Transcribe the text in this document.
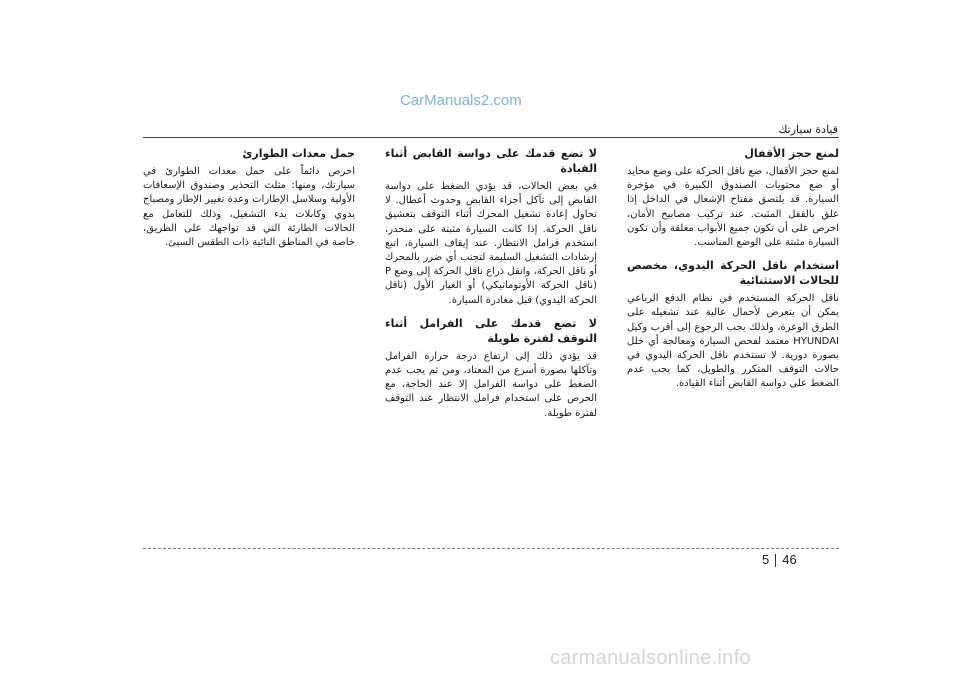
CarManuals2.com
قيادة سيارتك
لمنع حجز الأقفال

لمنع حجز الأقفال، ضع ناقل الحركة على وضع محايد أو ضع محتويات الصندوق الكبيرة في مؤخرة السيارة. قد يلتصق مفتاح الإشعال في الداخل إذا علق بالقفل المثبت. عند تركيب مصابيح الأمان، احرص على أن تكون جميع الأبواب مغلقة وأن تكون السيارة مثبتة على الوضع المناسب.

استخدام ناقل الحركة اليدوي، مخصص للحالات الاستثنائية

ناقل الحركة المستخدم في نظام الدفع الرباعي يمكن أن يتعرض لأحمال عالية عند تشغيله على الطرق الوعرة، ولذلك يجب الرجوع إلى أقرب وكيل HYUNDAI معتمد لفحص السيارة ومعالجة أي خلل بصورة دورية. لا تستخدم ناقل الحركة اليدوي في حالات التوقف المتكرر والطويل، كما يجب عدم الضغط على دواسة القابض أثناء القيادة.

لا تضع قدمك على دواسة القابض أثناء القيادة

في بعض الحالات، قد يؤدي الضغط على دواسة القابض إلى تآكل أجزاء القابض وحدوث أعطال. لا تحاول إعادة تشغيل المحرك أثناء التوقف بتعشيق ناقل الحركة. إذا كانت السيارة مثبتة على منحدر، استخدم فرامل الانتظار. عند إيقاف السيارة، اتبع إرشادات التشغيل السليمة لتجنب أي ضرر بالمحرك أو ناقل الحركة، وانقل ذراع ناقل الحركة إلى وضع P (ناقل الحركة الأوتوماتيكي) أو الغيار الأول (ناقل الحركة اليدوي) قبل مغادرة السيارة.

لا تضع قدمك على الفرامل أثناء التوقف لفترة طويلة

قد يؤدي ذلك إلى ارتفاع درجة حرارة الفرامل وتآكلها بصورة أسرع من المعتاد، ومن ثم يجب عدم الضغط على دواسة الفرامل إلا عند الحاجة، مع الحرص على استخدام فرامل الانتظار عند التوقف لفترة طويلة.

حمل معدات الطوارئ

احرص دائماً على حمل معدات الطوارئ في سيارتك، ومنها: مثلث التحذير وصندوق الإسعافات الأولية وسلاسل الإطارات وعدة تغيير الإطار ومصباح يدوي وكابلات بدء التشغيل، وذلك للتعامل مع الحالات الطارئة التي قد تواجهك على الطريق، خاصة في المناطق النائية ذات الطقس السيئ.

5 46
carmanualsonline.info
